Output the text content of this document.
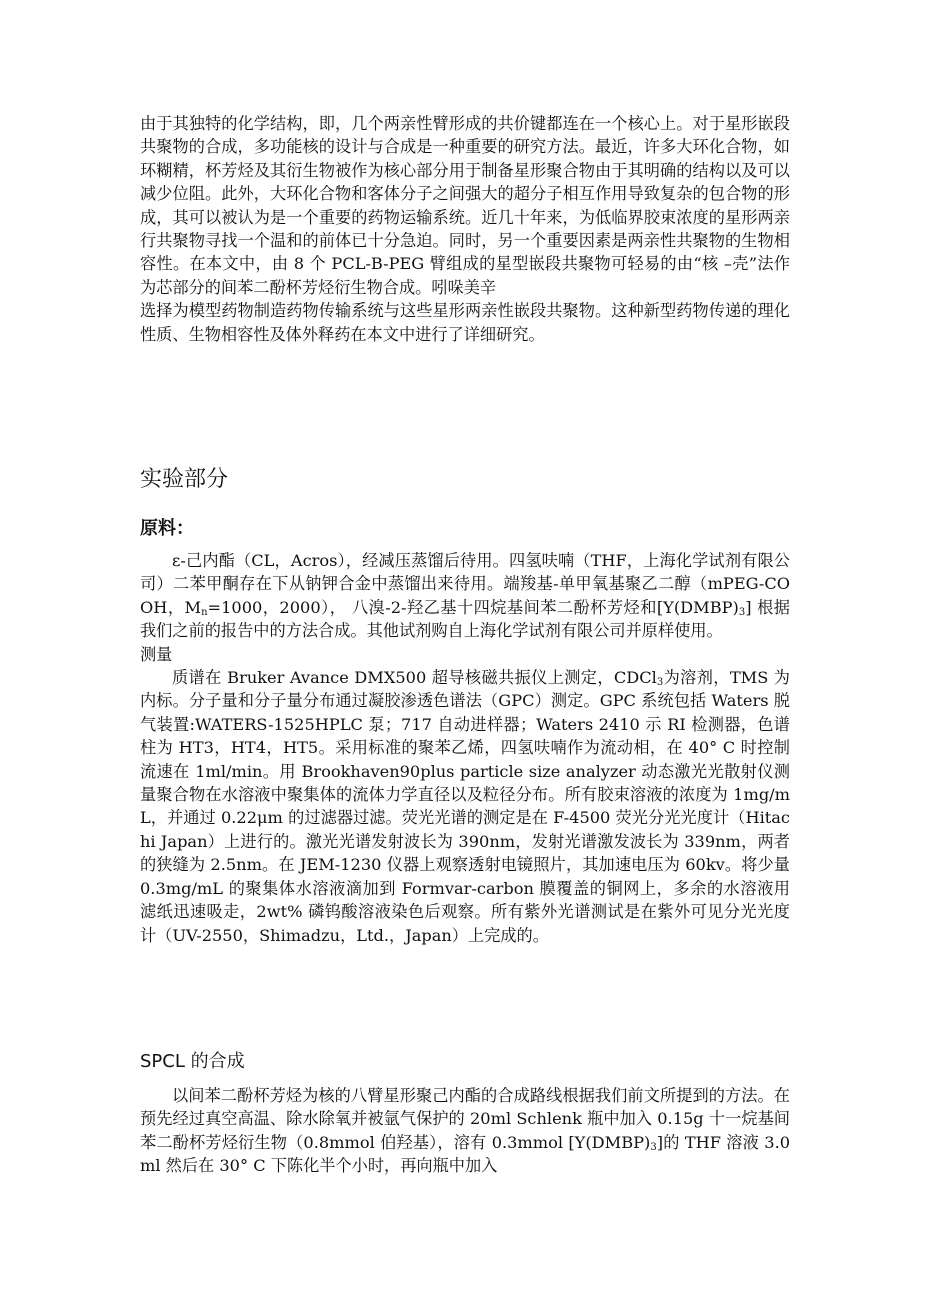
由于其独特的化学结构，即，几个两亲性臂形成的共价键都连在一个核心上。对于星形嵌段共聚物的合成，多功能核的设计与合成是一种重要的研究方法。最近，许多大环化合物，如环糊精，杯芳烃及其衍生物被作为核心部分用于制备星形聚合物由于其明确的结构以及可以减少位阻。此外，大环化合物和客体分子之间强大的超分子相互作用导致复杂的包合物的形成，其可以被认为是一个重要的药物运输系统。近几十年来，为低临界胶束浓度的星形两亲行共聚物寻找一个温和的前体已十分急迫。同时，另一个重要因素是两亲性共聚物的生物相容性。在本文中，由 8 个 PCL-B-PEG 臂组成的星型嵌段共聚物可轻易的由“核 –壳”法作为芯部分的间苯二酚杯芳烃衍生物合成。吲哚美辛

选择为模型药物制造药物传输系统与这些星形两亲性嵌段共聚物。这种新型药物传递的理化性质、生物相容性及体外释药在本文中进行了详细研究。

实验部分
原料：

ε-己内酯（CL，Acros），经减压蒸馏后待用。四氢呋喃（THF，上海化学试剂有限公司）二苯甲酮存在下从钠钾合金中蒸馏出来待用。端羧基-单甲氧基聚乙二醇（mPEG-COOH，$M_n=1000$，2000）， 八溴-2-羟乙基十四烷基间苯二酚杯芳烃和$[Y(DMBP)_3]$ 根据我们之前的报告中的方法合成。其他试剂购自上海化学试剂有限公司并原样使用。

测量

质谱在 Bruker Avance DMX500 超导核磁共振仪上测定，CDCl$_3$为溶剂，TMS 为内标。分子量和分子量分布通过凝胶渗透色谱法（GPC）测定。GPC 系统包括 Waters 脱气装置:WATERS-1525HPLC 泵；717 自动进样器；Waters 2410 示 RI 检测器，色谱柱为 HT3，HT4，HT5。采用标准的聚苯乙烯，四氢呋喃作为流动相，在 40° C 时控制流速在 1ml/min。用 Brookhaven90plus particle size analyzer 动态激光光散射仪测量聚合物在水溶液中聚集体的流体力学直径以及粒径分布。所有胶束溶液的浓度为 1mg/mL，并通过 0.22μm 的过滤器过滤。荧光光谱的测定是在 F-4500 荧光分光光度计（Hitachi Japan）上进行的。激光光谱发射波长为 390nm，发射光谱激发波长为 339nm，两者的狭缝为 2.5nm。在 JEM-1230 仪器上观察透射电镜照片，其加速电压为 60kv。将少量 0.3mg/mL 的聚集体水溶液滴加到 Formvar-carbon 膜覆盖的铜网上，多余的水溶液用滤纸迅速吸走，2wt% 磷钨酸溶液染色后观察。所有紫外光谱测试是在紫外可见分光光度计（UV-2550，Shimadzu，Ltd.，Japan）上完成的。

SPCL 的合成

以间苯二酚杯芳烃为核的八臂星形聚己内酯的合成路线根据我们前文所提到的方法。在预先经过真空高温、除水除氧并被氩气保护的 20ml Schlenk 瓶中加入 0.15g 十一烷基间苯二酚杯芳烃衍生物（0.8mmol 伯羟基），溶有 0.3mmol $[Y(DMBP)_3]$的 THF 溶液 3.0ml 然后在 30° C 下陈化半个小时，再向瓶中加入
